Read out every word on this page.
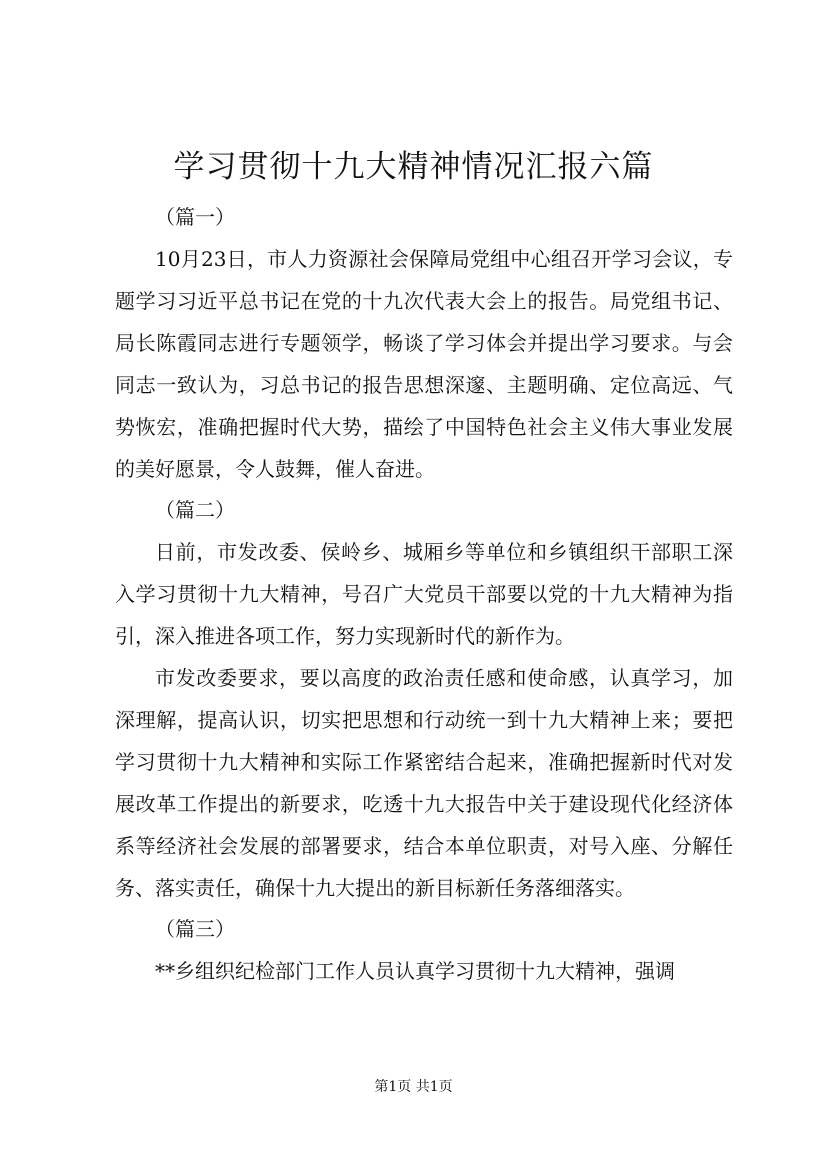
学习贯彻十九大精神情况汇报六篇

（篇一）

10月23日，市人力资源社会保障局党组中心组召开学习会议，专题学习习近平总书记在党的十九次代表大会上的报告。局党组书记、局长陈霞同志进行专题领学，畅谈了学习体会并提出学习要求。与会同志一致认为，习总书记的报告思想深邃、主题明确、定位高远、气势恢宏，准确把握时代大势，描绘了中国特色社会主义伟大事业发展的美好愿景，令人鼓舞，催人奋进。

（篇二）

日前，市发改委、侯岭乡、城厢乡等单位和乡镇组织干部职工深入学习贯彻十九大精神，号召广大党员干部要以党的十九大精神为指引，深入推进各项工作，努力实现新时代的新作为。

市发改委要求，要以高度的政治责任感和使命感，认真学习，加深理解，提高认识，切实把思想和行动统一到十九大精神上来；要把学习贯彻十九大精神和实际工作紧密结合起来，准确把握新时代对发展改革工作提出的新要求，吃透十九大报告中关于建设现代化经济体系等经济社会发展的部署要求，结合本单位职责，对号入座、分解任务、落实责任，确保十九大提出的新目标新任务落细落实。

（篇三）

**乡组织纪检部门工作人员认真学习贯彻十九大精神，强调

第1页 共1页
